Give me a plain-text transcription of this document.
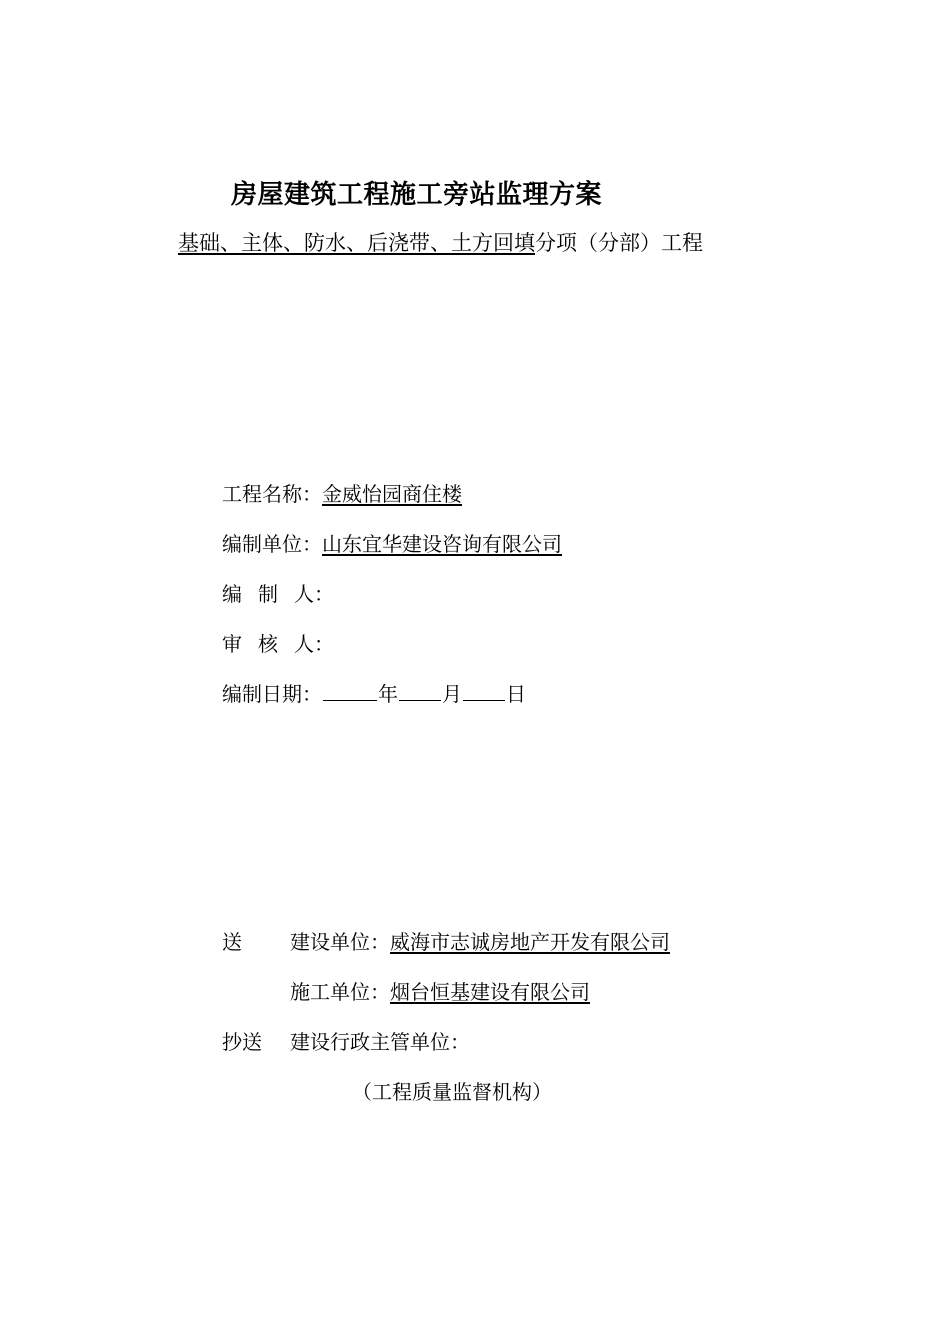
房屋建筑工程施工旁站监理方案
基础、主体、防水、后浇带、土方回填分项（分部）工程
工程名称：金威怡园商住楼
编制单位：山东宜华建设咨询有限公司
编 制 人：
审 核 人：
编制日期：	年 月 日
送 建设单位：威海市志诚房地产开发有限公司
施工单位：烟台恒基建设有限公司
抄送 建设行政主管单位：
（工程质量监督机构）
